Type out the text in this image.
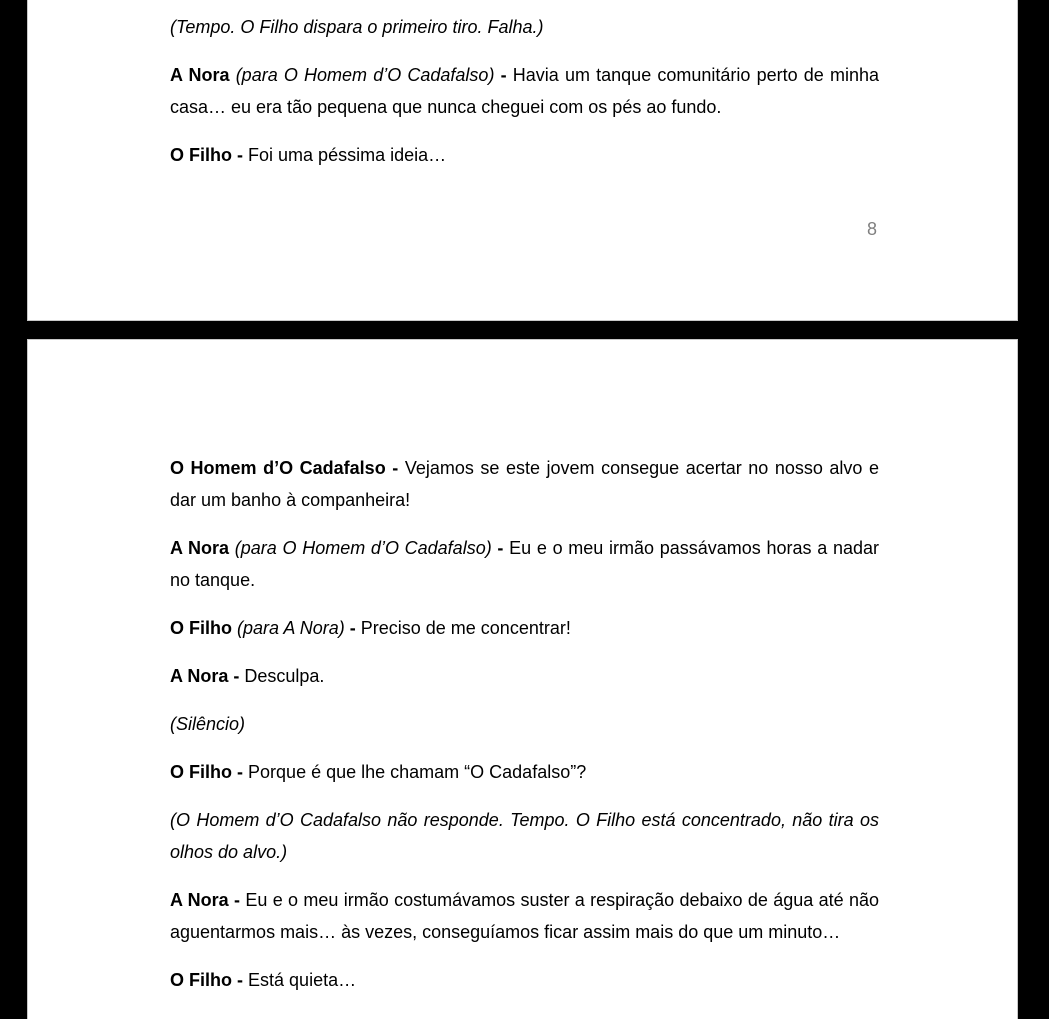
(Tempo. O Filho dispara o primeiro tiro. Falha.)

A Nora (para O Homem d’O Cadafalso) - Havia um tanque comunitário perto de minha casa… eu era tão pequena que nunca cheguei com os pés ao fundo.

O Filho - Foi uma péssima ideia…

8

O Homem d’O Cadafalso - Vejamos se este jovem consegue acertar no nosso alvo e dar um banho à companheira!

A Nora (para O Homem d’O Cadafalso) - Eu e o meu irmão passávamos horas a nadar no tanque.

O Filho (para A Nora) - Preciso de me concentrar!

A Nora - Desculpa.

(Silêncio)

O Filho - Porque é que lhe chamam “O Cadafalso”?

(O Homem d’O Cadafalso não responde. Tempo. O Filho está concentrado, não tira os olhos do alvo.)

A Nora - Eu e o meu irmão costumávamos suster a respiração debaixo de água até não aguentarmos mais… às vezes, conseguíamos ficar assim mais do que um minuto…

O Filho - Está quieta…
